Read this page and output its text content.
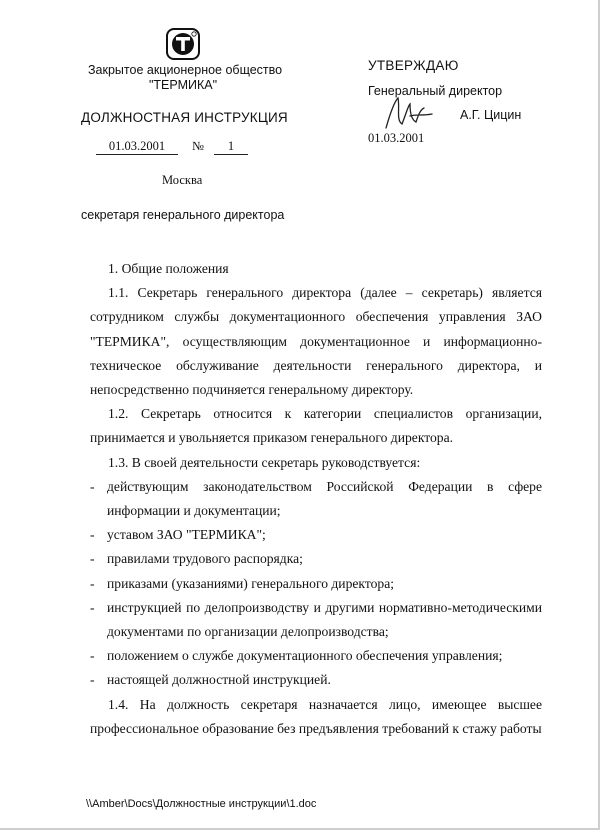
Закрытое акционерное общество
"ТЕРМИКА"
ДОЛЖНОСТНАЯ ИНСТРУКЦИЯ
01.03.2001 № 1
Москва
секретаря генерального директора
УТВЕРЖДАЮ
Генеральный директор
А.Г. Цицин
01.03.2001

1. Общие положения

1.1. Секретарь генерального директора (далее – секретарь) является сотрудником службы документационного обеспечения управления ЗАО "ТЕРМИКА", осуществляющим документационное и информационно-техническое обслуживание деятельности генерального директора, и непосредственно подчиняется генеральному директору.

1.2. Секретарь относится к категории специалистов организации, принимается и увольняется приказом генерального директора.

1.3. В своей деятельности секретарь руководствуется:

- действующим законодательством Российской Федерации в сфере информации и документации;
- уставом ЗАО "ТЕРМИКА";
- правилами трудового распорядка;
- приказами (указаниями) генерального директора;
- инструкцией по делопроизводству и другими нормативно-методическими документами по организации делопроизводства;
- положением о службе документационного обеспечения управления;
- настоящей должностной инструкцией.

1.4. На должность секретаря назначается лицо, имеющее высшее профессиональное образование без предъявления требований к стажу работы

\\Amber\Docs\Должностные инструкции\1.doc
